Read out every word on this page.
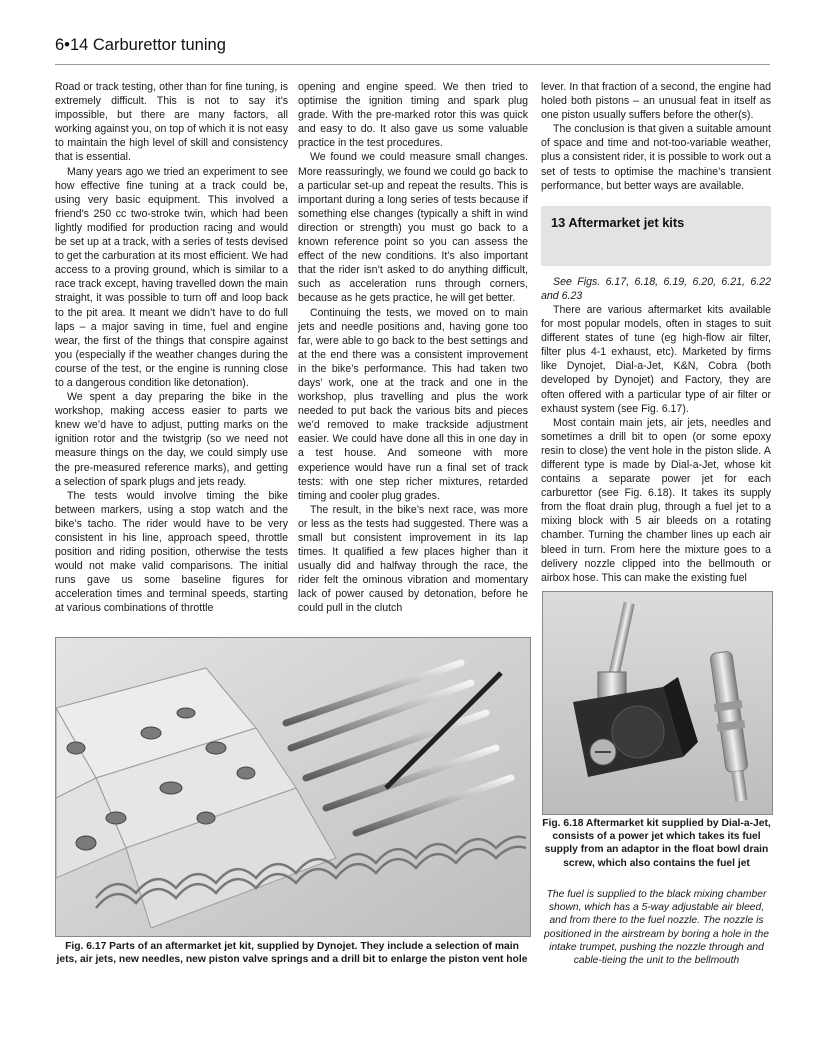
6•14 Carburettor tuning

Road or track testing, other than for fine tuning, is extremely difficult. This is not to say it’s impossible, but there are many factors, all working against you, on top of which it is not easy to maintain the high level of skill and consistency that is essential.

Many years ago we tried an experiment to see how effective fine tuning at a track could be, using very basic equipment. This involved a friend’s 250 cc two-stroke twin, which had been lightly modified for production racing and would be set up at a track, with a series of tests devised to get the carburation at its most efficient. We had access to a proving ground, which is similar to a race track except, having travelled down the main straight, it was possible to turn off and loop back to the pit area. It meant we didn’t have to do full laps – a major saving in time, fuel and engine wear, the first of the things that conspire against you (especially if the weather changes during the course of the test, or the engine is running close to a dangerous condition like detonation).

We spent a day preparing the bike in the workshop, making access easier to parts we knew we’d have to adjust, putting marks on the ignition rotor and the twistgrip (so we need not measure things on the day, we could simply use the pre-measured reference marks), and getting a selection of spark plugs and jets ready.

The tests would involve timing the bike between markers, using a stop watch and the bike’s tacho. The rider would have to be very consistent in his line, approach speed, throttle position and riding position, otherwise the tests would not make valid comparisons. The initial runs gave us some baseline figures for acceleration times and terminal speeds, starting at various combinations of throttle

opening and engine speed. We then tried to optimise the ignition timing and spark plug grade. With the pre-marked rotor this was quick and easy to do. It also gave us some valuable practice in the test procedures.

We found we could measure small changes. More reassuringly, we found we could go back to a particular set-up and repeat the results. This is important during a long series of tests because if something else changes (typically a shift in wind direction or strength) you must go back to a known reference point so you can assess the effect of the new conditions. It’s also important that the rider isn’t asked to do anything difficult, such as acceleration runs through corners, because as he gets practice, he will get better.

Continuing the tests, we moved on to main jets and needle positions and, having gone too far, were able to go back to the best settings and at the end there was a consistent improvement in the bike’s performance. This had taken two days’ work, one at the track and one in the workshop, plus travelling and plus the work needed to put back the various bits and pieces we’d removed to make trackside adjustment easier. We could have done all this in one day in a test house. And someone with more experience would have run a final set of track tests: with one step richer mixtures, retarded timing and cooler plug grades.

The result, in the bike’s next race, was more or less as the tests had suggested. There was a small but consistent improvement in its lap times. It qualified a few places higher than it usually did and halfway through the race, the rider felt the ominous vibration and momentary lack of power caused by detonation, before he could pull in the clutch

lever. In that fraction of a second, the engine had holed both pistons – an unusual feat in itself as one piston usually suffers before the other(s).

The conclusion is that given a suitable amount of space and time and not-too-variable weather, plus a consistent rider, it is possible to work out a set of tests to optimise the machine’s transient performance, but better ways are available.

13 Aftermarket jet kits

See Figs. 6.17, 6.18, 6.19, 6.20, 6.21, 6.22 and 6.23

There are various aftermarket kits available for most popular models, often in stages to suit different states of tune (eg high-flow air filter, filter plus 4-1 exhaust, etc). Marketed by firms like Dynojet, Dial-a-Jet, K&N, Cobra (both developed by Dynojet) and Factory, they are often offered with a particular type of air filter or exhaust system (see Fig. 6.17).

Most contain main jets, air jets, needles and sometimes a drill bit to open (or some epoxy resin to close) the vent hole in the piston slide. A different type is made by Dial-a-Jet, whose kit contains a separate power jet for each carburettor (see Fig. 6.18). It takes its supply from the float drain plug, through a fuel jet to a mixing block with 5 air bleeds on a rotating chamber. Turning the chamber lines up each air bleed in turn. From here the mixture goes to a delivery nozzle clipped into the bellmouth or airbox hose. This can make the existing fuel

Fig. 6.17 Parts of an aftermarket jet kit, supplied by Dynojet. They include a selection of main jets, air jets, new needles, new piston valve springs and a drill bit to enlarge the piston vent hole
Fig. 6.18 Aftermarket kit supplied by Dial-a-Jet, consists of a power jet which takes its fuel supply from an adaptor in the float bowl drain screw, which also contains the fuel jet
The fuel is supplied to the black mixing chamber shown, which has a 5-way adjustable air bleed, and from there to the fuel nozzle. The nozzle is positioned in the airstream by boring a hole in the intake trumpet, pushing the nozzle through and cable-tieing the unit to the bellmouth
